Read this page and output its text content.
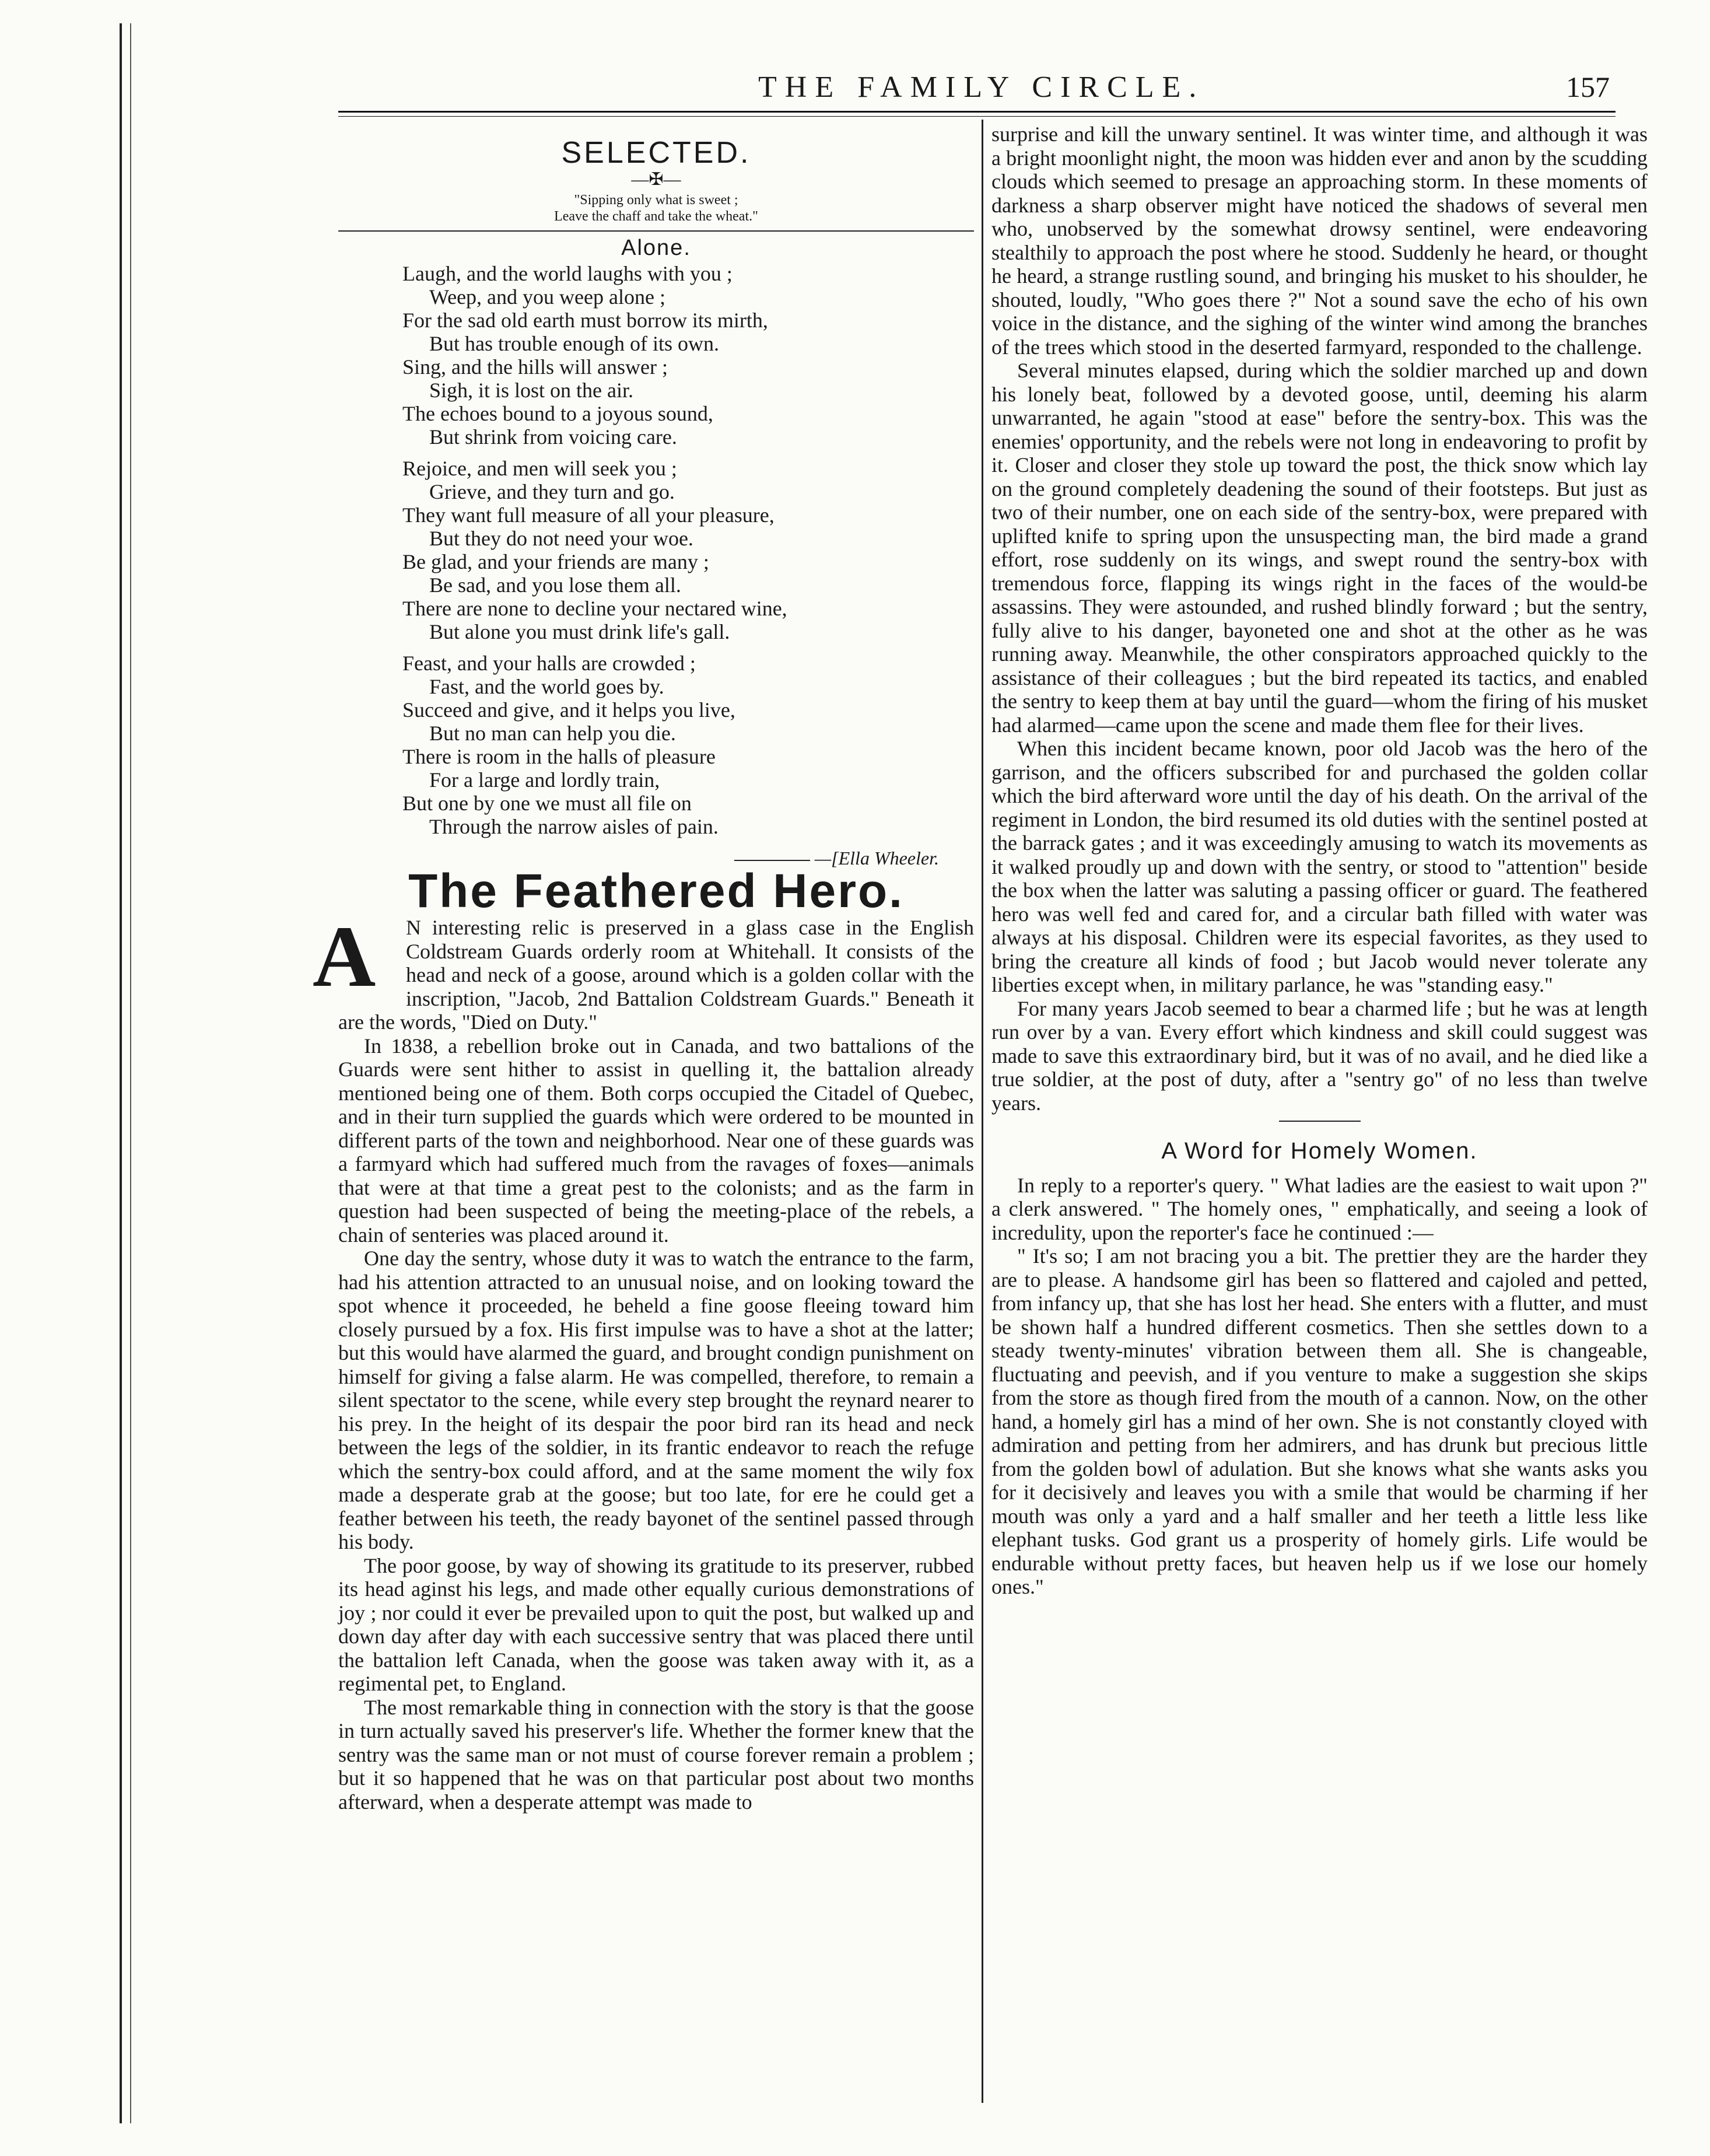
THE FAMILY CIRCLE.	157
SELECTED.
—✠—
"Sipping only what is sweet ;
Leave the chaff and take the wheat."
Alone.
Laugh, and the world laughs with you ;
Weep, and you weep alone ;
For the sad old earth must borrow its mirth,
But has trouble enough of its own.
Sing, and the hills will answer ;
Sigh, it is lost on the air.
The echoes bound to a joyous sound,
But shrink from voicing care.
Rejoice, and men will seek you ;
Grieve, and they turn and go.
They want full measure of all your pleasure,
But they do not need your woe.
Be glad, and your friends are many ;
Be sad, and you lose them all.
There are none to decline your nectared wine,
But alone you must drink life's gall.
Feast, and your halls are crowded ;
Fast, and the world goes by.
Succeed and give, and it helps you live,
But no man can help you die.
There is room in the halls of pleasure
For a large and lordly train,
But one by one we must all file on
Through the narrow aisles of pain.
—[Ella Wheeler.
The Feathered Hero.

A	N interesting relic is preserved in a glass case in the English Coldstream Guards orderly room at Whitehall. It consists of the head and neck of a goose, around which is a golden collar with the inscription, "Jacob, 2nd Battalion Coldstream Guards." Beneath it are the words, "Died on Duty."

In 1838, a rebellion broke out in Canada, and two battalions of the Guards were sent hither to assist in quelling it, the battalion already mentioned being one of them. Both corps occupied the Citadel of Quebec, and in their turn supplied the guards which were ordered to be mounted in different parts of the town and neighborhood. Near one of these guards was a farmyard which had suffered much from the ravages of foxes—animals that were at that time a great pest to the colonists; and as the farm in question had been suspected of being the meeting-place of the rebels, a chain of senteries was placed around it.

One day the sentry, whose duty it was to watch the entrance to the farm, had his attention attracted to an unusual noise, and on looking toward the spot whence it proceeded, he beheld a fine goose fleeing toward him closely pursued by a fox. His first impulse was to have a shot at the latter; but this would have alarmed the guard, and brought condign punishment on himself for giving a false alarm. He was compelled, therefore, to remain a silent spectator to the scene, while every step brought the reynard nearer to his prey. In the height of its despair the poor bird ran its head and neck between the legs of the soldier, in its frantic endeavor to reach the refuge which the sentry-box could afford, and at the same moment the wily fox made a desperate grab at the goose; but too late, for ere he could get a feather between his teeth, the ready bayonet of the sentinel passed through his body.

The poor goose, by way of showing its gratitude to its preserver, rubbed its head aginst his legs, and made other equally curious demonstrations of joy ; nor could it ever be prevailed upon to quit the post, but walked up and down day after day with each successive sentry that was placed there until the battalion left Canada, when the goose was taken away with it, as a regimental pet, to England.

The most remarkable thing in connection with the story is that the goose in turn actually saved his preserver's life. Whether the former knew that the sentry was the same man or not must of course forever remain a problem ; but it so happened that he was on that particular post about two months afterward, when a desperate attempt was made to

surprise and kill the unwary sentinel. It was winter time, and although it was a bright moonlight night, the moon was hidden ever and anon by the scudding clouds which seemed to presage an approaching storm. In these moments of darkness a sharp observer might have noticed the shadows of several men who, unobserved by the somewhat drowsy sentinel, were endeavoring stealthily to approach the post where he stood. Suddenly he heard, or thought he heard, a strange rustling sound, and bringing his musket to his shoulder, he shouted, loudly, "Who goes there ?" Not a sound save the echo of his own voice in the distance, and the sighing of the winter wind among the branches of the trees which stood in the deserted farmyard, responded to the challenge.

Several minutes elapsed, during which the soldier marched up and down his lonely beat, followed by a devoted goose, until, deeming his alarm unwarranted, he again "stood at ease" before the sentry-box. This was the enemies' opportunity, and the rebels were not long in endeavoring to profit by it. Closer and closer they stole up toward the post, the thick snow which lay on the ground completely deadening the sound of their footsteps. But just as two of their number, one on each side of the sentry-box, were prepared with uplifted knife to spring upon the unsuspecting man, the bird made a grand effort, rose suddenly on its wings, and swept round the sentry-box with tremendous force, flapping its wings right in the faces of the would-be assassins. They were astounded, and rushed blindly forward ; but the sentry, fully alive to his danger, bayoneted one and shot at the other as he was running away. Meanwhile, the other conspirators approached quickly to the assistance of their colleagues ; but the bird repeated its tactics, and enabled the sentry to keep them at bay until the guard—whom the firing of his musket had alarmed—came upon the scene and made them flee for their lives.

When this incident became known, poor old Jacob was the hero of the garrison, and the officers subscribed for and purchased the golden collar which the bird afterward wore until the day of his death. On the arrival of the regiment in London, the bird resumed its old duties with the sentinel posted at the barrack gates ; and it was exceedingly amusing to watch its movements as it walked proudly up and down with the sentry, or stood to "attention" beside the box when the latter was saluting a passing officer or guard. The feathered hero was well fed and cared for, and a circular bath filled with water was always at his disposal. Children were its especial favorites, as they used to bring the creature all kinds of food ; but Jacob would never tolerate any liberties except when, in military parlance, he was "standing easy."

For many years Jacob seemed to bear a charmed life ; but he was at length run over by a van. Every effort which kindness and skill could suggest was made to save this extraordinary bird, but it was of no avail, and he died like a true soldier, at the post of duty, after a "sentry go" of no less than twelve years.

A Word for Homely Women.

In reply to a reporter's query. " What ladies are the easiest to wait upon ?" a clerk answered. " The homely ones, " emphatically, and seeing a look of incredulity, upon the reporter's face he continued :—

" It's so; I am not bracing you a bit. The prettier they are the harder they are to please. A handsome girl has been so flattered and cajoled and petted, from infancy up, that she has lost her head. She enters with a flutter, and must be shown half a hundred different cosmetics. Then she settles down to a steady twenty-minutes' vibration between them all. She is changeable, fluctuating and peevish, and if you venture to make a suggestion she skips from the store as though fired from the mouth of a cannon. Now, on the other hand, a homely girl has a mind of her own. She is not constantly cloyed with admiration and petting from her admirers, and has drunk but precious little from the golden bowl of adulation. But she knows what she wants asks you for it decisively and leaves you with a smile that would be charming if her mouth was only a yard and a half smaller and her teeth a little less like elephant tusks. God grant us a prosperity of homely girls. Life would be endurable without pretty faces, but heaven help us if we lose our homely ones."
